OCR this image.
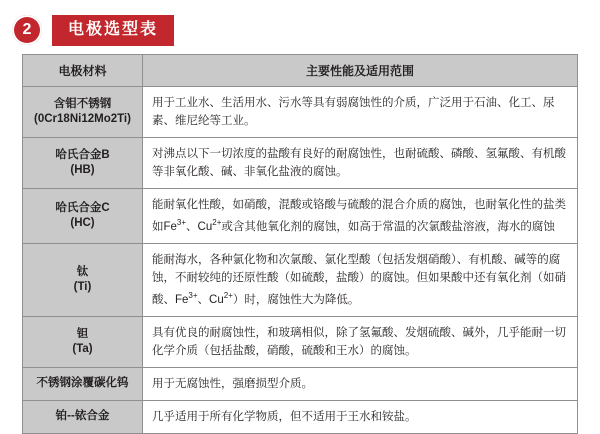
2	电极选型表
电极材料	主要性能及适用范围

含钼不锈钢
(0Cr18Ni12Mo2Ti)	用于工业水、生活用水、污水等具有弱腐蚀性的介质，广泛用于石油、化工、尿素、维尼纶等工业。

哈氏合金B
(HB)	对沸点以下一切浓度的盐酸有良好的耐腐蚀性，也耐硫酸、磷酸、氢氟酸、有机酸等非氧化酸、碱、非氧化盐液的腐蚀。

哈氏合金C
(HC)	能耐氧化性酸，如硝酸，混酸或铬酸与硫酸的混合介质的腐蚀，也耐氧化性的盐类如$Fe^{3+}$、$Cu^{2+}$或含其他氧化剂的腐蚀，如高于常温的次氯酸盐溶液，海水的腐蚀

钛
(Ti)	能耐海水，各种氯化物和次氯酸、氯化型酸（包括发烟硝酸）、有机酸、碱等的腐蚀，不耐较纯的还原性酸（如硫酸，盐酸）的腐蚀。但如果酸中还有氧化剂（如硝酸、$Fe^{3+}$、$Cu^{2+}$）时，腐蚀性大为降低。

钽
(Ta)	具有优良的耐腐蚀性，和玻璃相似，除了氢氟酸、发烟硫酸、碱外，几乎能耐一切化学介质（包括盐酸，硝酸，硫酸和王水）的腐蚀。
不锈钢涂覆碳化钨	用于无腐蚀性，强磨损型介质。
铂--铱合金	几乎适用于所有化学物质，但不适用于王水和铵盐。
